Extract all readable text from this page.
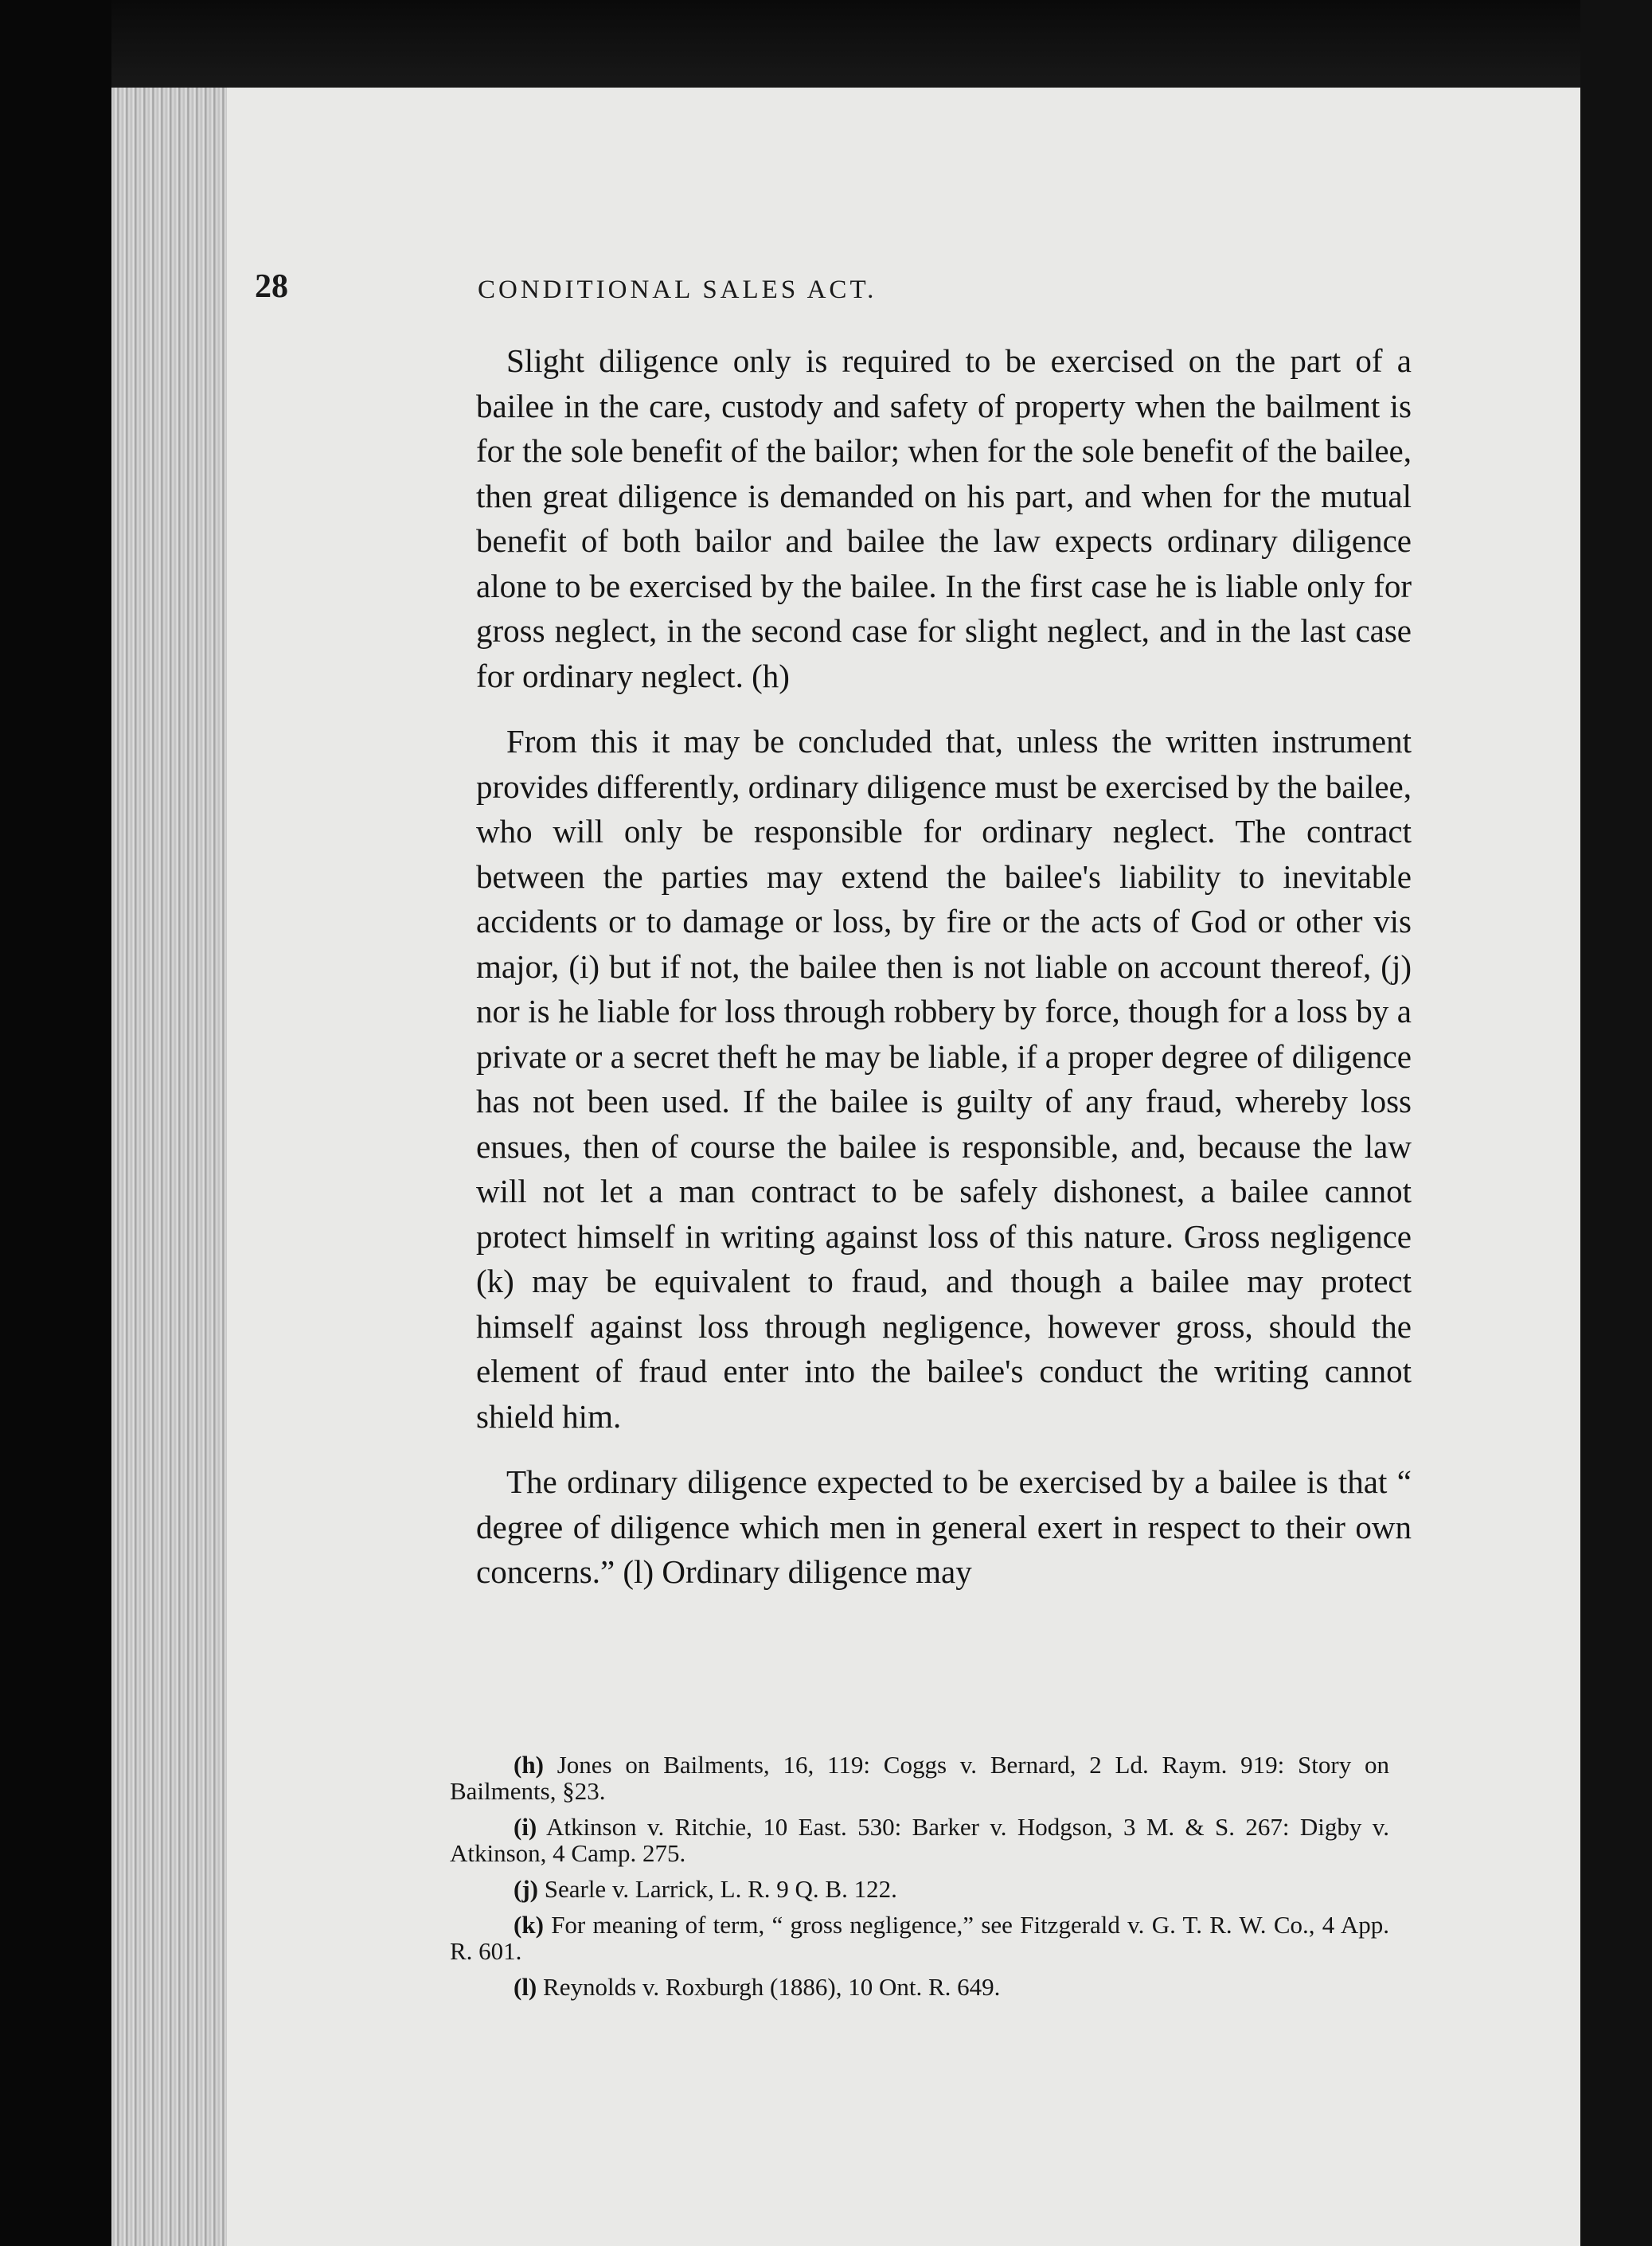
28	CONDITIONAL SALES ACT.

Slight diligence only is required to be exercised on the part of a bailee in the care, custody and safety of property when the bailment is for the sole benefit of the bailor; when for the sole benefit of the bailee, then great diligence is demanded on his part, and when for the mutual benefit of both bailor and bailee the law expects ordinary diligence alone to be exercised by the bailee. In the first case he is liable only for gross neglect, in the second case for slight neglect, and in the last case for ordinary neglect. (h)

From this it may be concluded that, unless the written instrument provides differently, ordinary diligence must be exercised by the bailee, who will only be responsible for ordinary neglect. The contract between the parties may extend the bailee's liability to inevitable accidents or to damage or loss, by fire or the acts of God or other vis major, (i) but if not, the bailee then is not liable on account thereof, (j) nor is he liable for loss through robbery by force, though for a loss by a private or a secret theft he may be liable, if a proper degree of diligence has not been used. If the bailee is guilty of any fraud, whereby loss ensues, then of course the bailee is responsible, and, because the law will not let a man contract to be safely dishonest, a bailee cannot protect himself in writing against loss of this nature. Gross negligence (k) may be equivalent to fraud, and though a bailee may protect himself against loss through negligence, however gross, should the element of fraud enter into the bailee's conduct the writing cannot shield him.

The ordinary diligence expected to be exercised by a bailee is that “ degree of diligence which men in general exert in respect to their own concerns.” (l) Ordinary diligence may

(h) Jones on Bailments, 16, 119: Coggs v. Bernard, 2 Ld. Raym. 919: Story on Bailments, §23.

(i) Atkinson v. Ritchie, 10 East. 530: Barker v. Hodgson, 3 M. & S. 267: Digby v. Atkinson, 4 Camp. 275.

(j) Searle v. Larrick, L. R. 9 Q. B. 122.

(k) For meaning of term, “ gross negligence,” see Fitzgerald v. G. T. R. W. Co., 4 App. R. 601.

(l) Reynolds v. Roxburgh (1886), 10 Ont. R. 649.
